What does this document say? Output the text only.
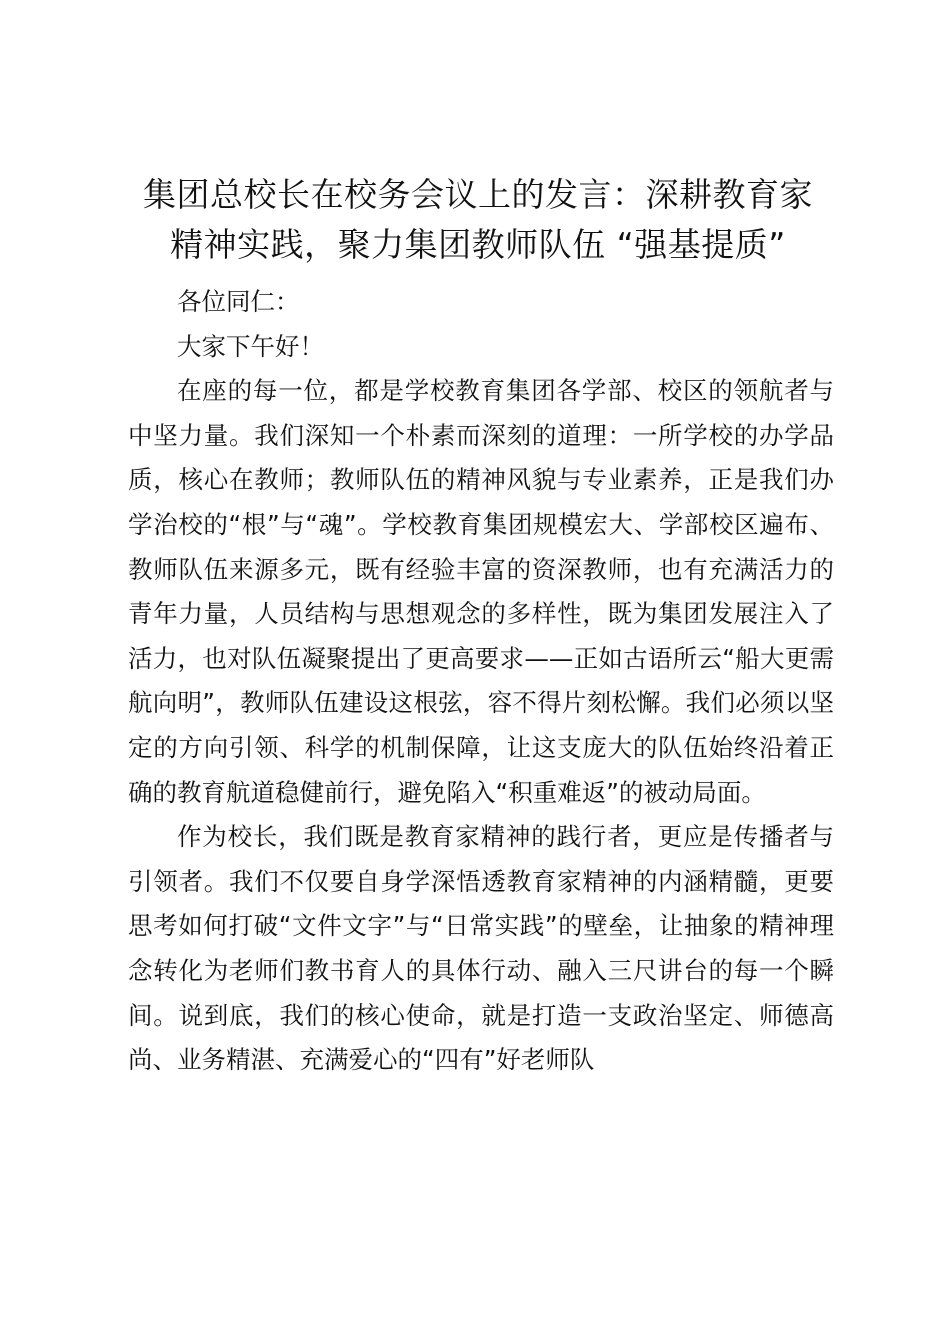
集团总校长在校务会议上的发言：深耕教育家
精神实践，聚力集团教师队伍 “强基提质”

各位同仁：

大家下午好！

在座的每一位，都是学校教育集团各学部、校区的领航者与中坚力量。我们深知一个朴素而深刻的道理：一所学校的办学品质，核心在教师；教师队伍的精神风貌与专业素养，正是我们办学治校的“根”与“魂”。学校教育集团规模宏大、学部校区遍布、教师队伍来源多元，既有经验丰富的资深教师，也有充满活力的青年力量，人员结构与思想观念的多样性，既为集团发展注入了活力，也对队伍凝聚提出了更高要求——正如古语所云“船大更需航向明”，教师队伍建设这根弦，容不得片刻松懈。我们必须以坚定的方向引领、科学的机制保障，让这支庞大的队伍始终沿着正确的教育航道稳健前行，避免陷入“积重难返”的被动局面。

作为校长，我们既是教育家精神的践行者，更应是传播者与引领者。我们不仅要自身学深悟透教育家精神的内涵精髓，更要思考如何打破“文件文字”与“日常实践”的壁垒，让抽象的精神理念转化为老师们教书育人的具体行动、融入三尺讲台的每一个瞬间。说到底，我们的核心使命，就是打造一支政治坚定、师德高尚、业务精湛、充满爱心的“四有”好老师队
